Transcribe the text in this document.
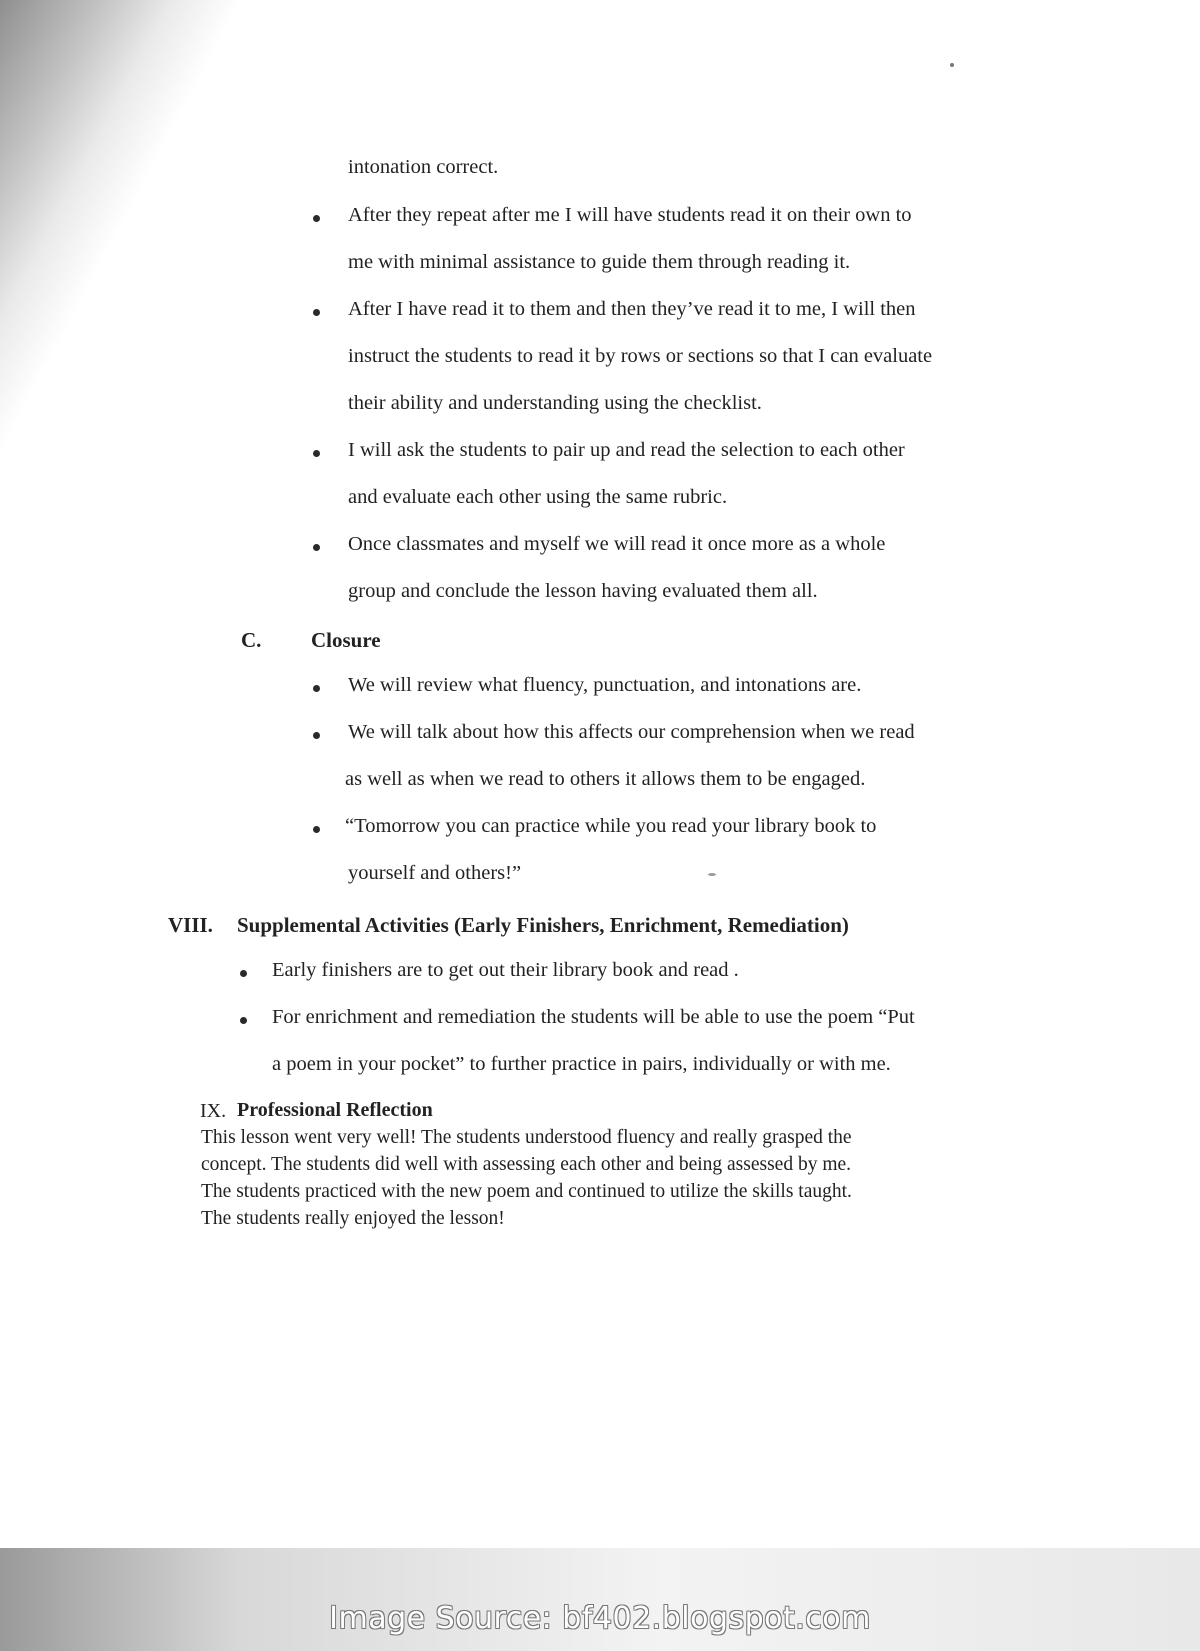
intonation correct.
After they repeat after me I will have students read it on their own to
me with minimal assistance to guide them through reading it.
After I have read it to them and then they’ve read it to me, I will then
instruct the students to read it by rows or sections so that I can evaluate
their ability and understanding using the checklist.
I will ask the students to pair up and read the selection to each other
and evaluate each other using the same rubric.
Once classmates and myself we will read it once more as a whole
group and conclude the lesson having evaluated them all.
C. Closure
We will review what fluency, punctuation, and intonations are.
We will talk about how this affects our comprehension when we read
as well as when we read to others it allows them to be engaged.
“Tomorrow you can practice while you read your library book to
yourself and others!”
VIII. Supplemental Activities (Early Finishers, Enrichment, Remediation)
Early finishers are to get out their library book and read .
For enrichment and remediation the students will be able to use the poem “Put
a poem in your pocket” to further practice in pairs, individually or with me.
IX. Professional Reflection
This lesson went very well! The students understood fluency and really grasped the
concept. The students did well with assessing each other and being assessed by me.
The students practiced with the new poem and continued to utilize the skills taught.
The students really enjoyed the lesson!
Image Source: bf402.blogspot.com
